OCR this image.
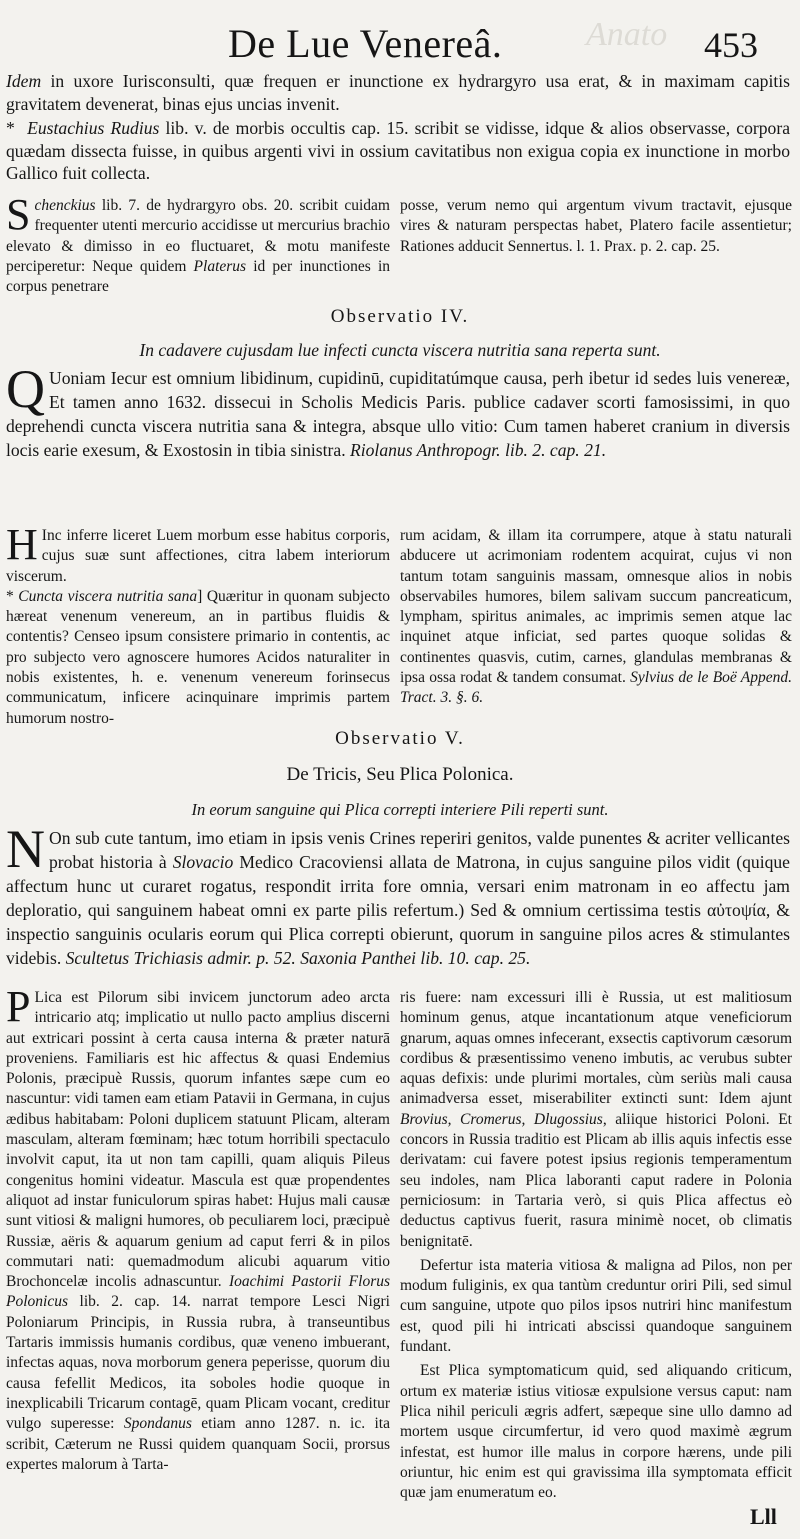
Anato
De Lue Venereâ.	453
Idem in uxore Iurisconsulti, quæ frequen er inunctione ex hydrargyro usa erat, & in maximam capitis gravitatem devenerat, binas ejus uncias invenit.
* Eustachius Rudius lib. v. de morbis occultis cap. 15. scribit se vidisse, idque & alios observasse, corpora quædam dissecta fuisse, in quibus argenti vivi in ossium cavitatibus non exigua copia ex inunctione in morbo Gallico fuit collecta.
Schenckius lib. 7. de hydrargyro obs. 20. scribit cuidam frequenter utenti mercurio accidisse ut mercurius brachio elevato & dimisso in eo fluctuaret, & motu manifeste perciperetur: Neque quidem Platerus id per inunctiones in corpus penetrare
posse, verum nemo qui argentum vivum tractavit, ejusque vires & naturam perspectas habet, Platero facile assentietur; Rationes adducit Sennertus. l. 1. Prax. p. 2. cap. 25.
Observatio IV.
In cadavere cujusdam lue infecti cuncta viscera nutritia sana reperta sunt.
Q Uoniam Iecur est omnium libidinum, cupidinū, cupiditatúmque causa, perh ibetur id sedes luis venereæ, Et tamen anno 1632. dissecui in Scholis Medicis Paris. publice cadaver scorti famosissimi, in quo deprehendi cuncta viscera nutritia sana & integra, absque ullo vitio: Cum tamen haberet cranium in diversis locis earie exesum, & Exostosin in tibia sinistra. Riolanus Anthropogr. lib. 2. cap. 21.
H Inc inferre liceret Luem morbum esse habitus corporis, cujus suæ sunt affectiones, citra labem interiorum viscerum.
* Cuncta viscera nutritia sana] Quæritur in quonam subjecto hæreat venenum venereum, an in partibus fluidis & contentis? Censeo ipsum consistere primario in contentis, ac pro subjecto vero agnoscere humores Acidos naturaliter in nobis existentes, h. e. venenum venereum forinsecus communicatum, inficere acinquinare imprimis partem humorum nostro-
rum acidam, & illam ita corrumpere, atque à statu naturali abducere ut acrimoniam rodentem acquirat, cujus vi non tantum totam sanguinis massam, omnesque alios in nobis observabiles humores, bilem salivam succum pancreaticum, lympham, spiritus animales, ac imprimis semen atque lac inquinet atque inficiat, sed partes quoque solidas & continentes quasvis, cutim, carnes, glandulas membranas & ipsa ossa rodat & tandem consumat. Sylvius de le Boë Append. Tract. 3. §. 6.
Observatio V.
De Tricis, Seu Plica Polonica.
In eorum sanguine qui Plica correpti interiere Pili reperti sunt.
N On sub cute tantum, imo etiam in ipsis venis Crines reperiri genitos, valde punentes & acriter vellicantes probat historia à Slovacio Medico Cracoviensi allata de Matrona, in cujus sanguine pilos vidit (quique affectum hunc ut curaret rogatus, respondit irrita fore omnia, versari enim matronam in eo affectu jam deploratio, qui sanguinem habeat omni ex parte pilis refertum.) Sed & omnium certissima testis αὐτοψία, & inspectio sanguinis ocularis eorum qui Plica correpti obierunt, quorum in sanguine pilos acres & stimulantes videbis. Scultetus Trichiasis admir. p. 52. Saxonia Panthei lib. 10. cap. 25.
P Lica est Pilorum sibi invicem junctorum adeo arcta intricario atq; implicatio ut nullo pacto amplius discerni aut extricari possint à certa causa interna & præter naturā proveniens. Familiaris est hic affectus & quasi Endemius Polonis, præcipuè Russis, quorum infantes sæpe cum eo nascuntur: vidi tamen eam etiam Patavii in Germana, in cujus ædibus habitabam: Poloni duplicem statuunt Plicam, alteram masculam, alteram fœminam; hæc totum horribili spectaculo involvit caput, ita ut non tam capilli, quam aliquis Pileus congenitus homini videatur. Mascula est quæ propendentes aliquot ad instar funiculorum spiras habet: Hujus mali causæ sunt vitiosi & maligni humores, ob peculiarem loci, præcipuè Russiæ, aëris & aquarum genium ad caput ferri & in pilos commutari nati: quemadmodum alicubi aquarum vitio Brochoncelæ incolis adnascuntur. Ioachimi Pastorii Florus Polonicus lib. 2. cap. 14. narrat tempore Lesci Nigri Poloniarum Principis, in Russia rubra, à transeuntibus Tartaris immissis humanis cordibus, quæ veneno imbuerant, infectas aquas, nova morborum genera peperisse, quorum diu causa fefellit Medicos, ita soboles hodie quoque in inexplicabili Tricarum contagē, quam Plicam vocant, creditur vulgo superesse: Spondanus etiam anno 1287. n. ic. ita scribit, Cæterum ne Russi quidem quanquam Socii, prorsus expertes malorum à Tarta-

ris fuere: nam excessuri illi è Russia, ut est malitiosum hominum genus, atque incantationum atque veneficiorum gnarum, aquas omnes infecerant, exsectis captivorum cæsorum cordibus & præsentissimo veneno imbutis, ac verubus subter aquas defixis: unde plurimi mortales, cùm seriùs mali causa animadversa esset, miserabiliter extincti sunt: Idem ajunt Brovius, Cromerus, Dlugossius, aliique historici Poloni. Et concors in Russia traditio est Plicam ab illis aquis infectis esse derivatam: cui favere potest ipsius regionis temperamentum seu indoles, nam Plica laboranti caput radere in Polonia perniciosum: in Tartaria verò, si quis Plica affectus eò deductus captivus fuerit, rasura minimè nocet, ob climatis benignitatē.

Defertur ista materia vitiosa & maligna ad Pilos, non per modum fuliginis, ex qua tantùm creduntur oriri Pili, sed simul cum sanguine, utpote quo pilos ipsos nutriri hinc manifestum est, quod pili hi intricati abscissi quandoque sanguinem fundant.

Est Plica symptomaticum quid, sed aliquando criticum, ortum ex materiæ istius vitiosæ expulsione versus caput: nam Plica nihil periculi ægris adfert, sæpeque sine ullo damno ad mortem usque circumfertur, id vero quod maximè ægrum infestat, est humor ille malus in corpore hærens, unde pili oriuntur, hic enim est qui gravissima illa symptomata efficit quæ jam enumeratum eo.

Lll
